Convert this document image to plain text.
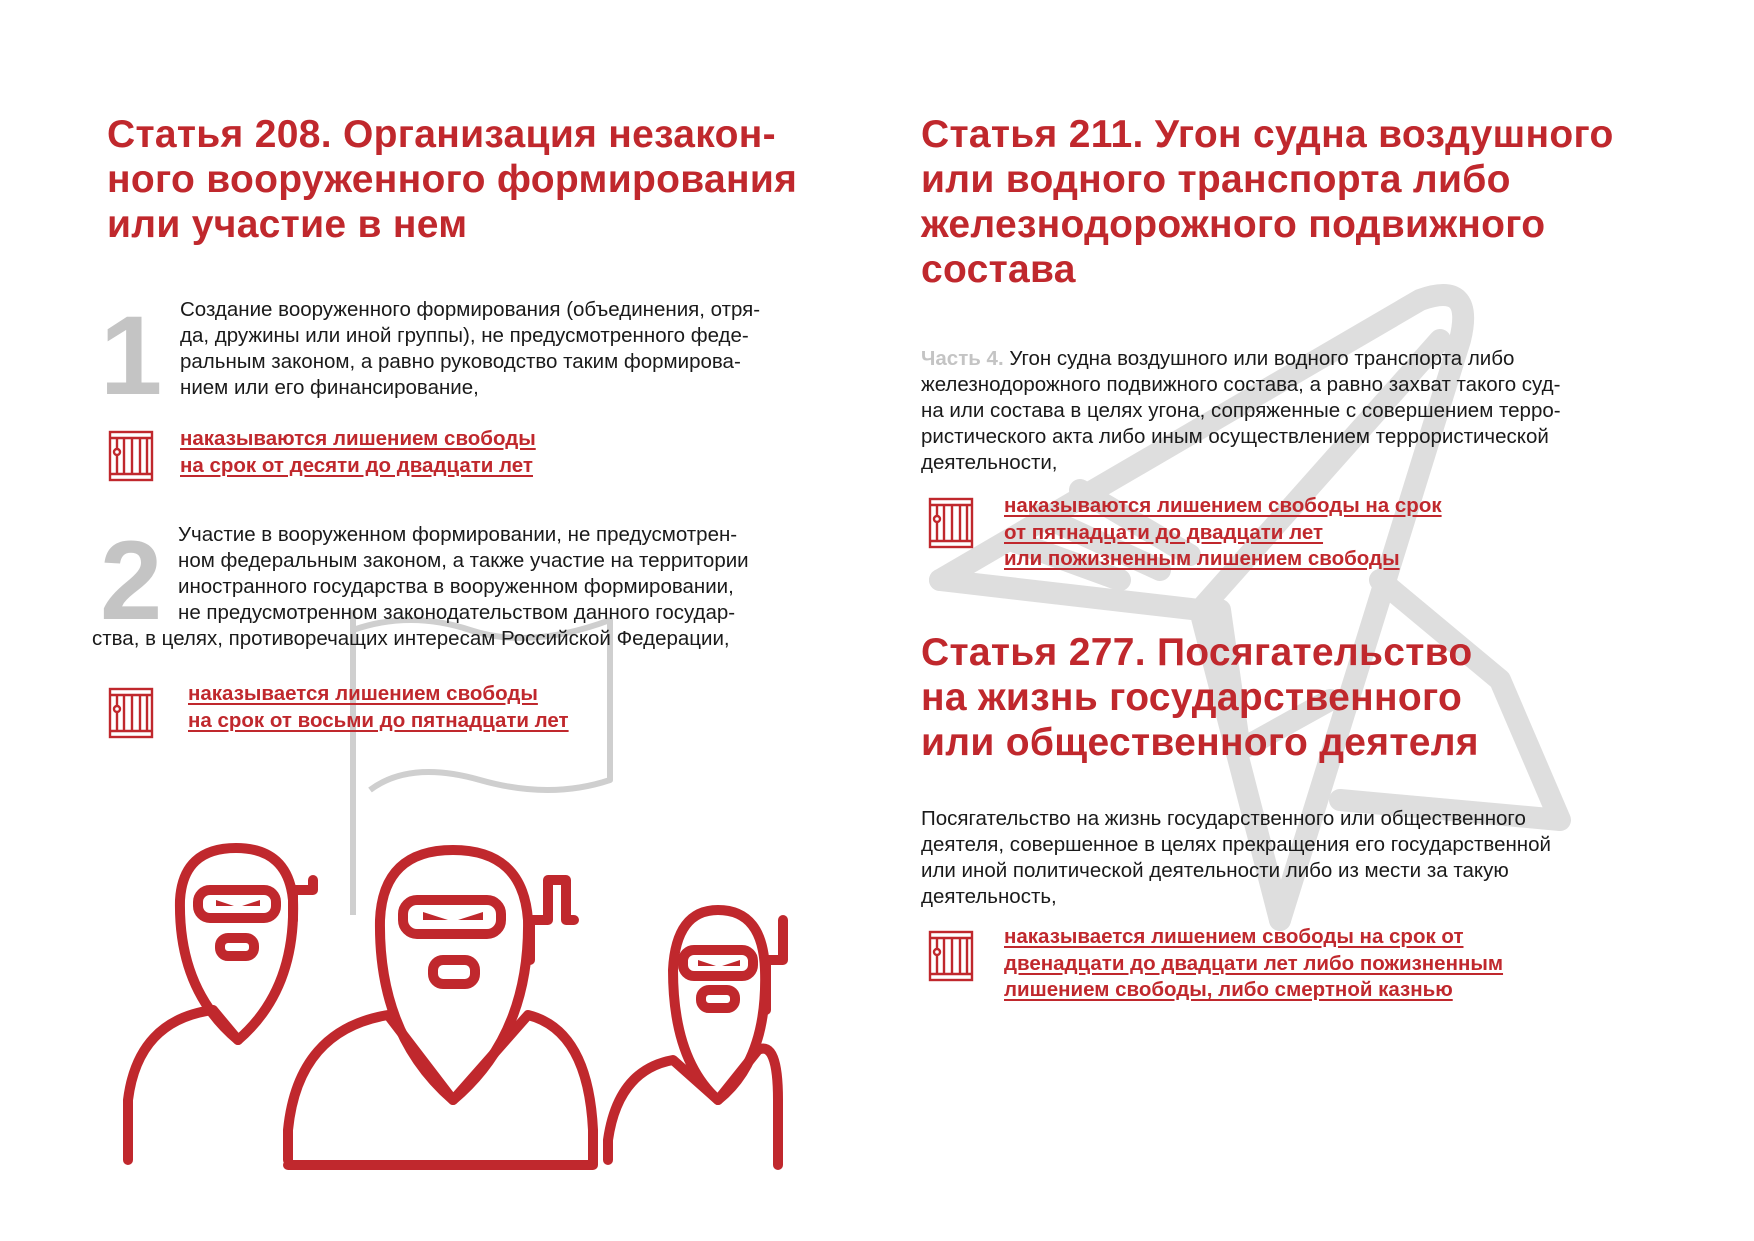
Статья 208. Организация незакон-
ного вооруженного формирования
или участие в нем
1 Создание вооруженного формирования (объединения, отря-
да, дружины или иной группы), не предусмотренного феде-
ральным законом, а равно руководство таким формирова-
нием или его финансирование,

наказываются лишением свободы
на срок от десяти до двадцати лет

2 Участие в вооруженном формировании, не предусмотрен-
ном федеральным законом, а также участие на территории
иностранного государства в вооруженном формировании,
не предусмотренном законодательством данного государ-

ства, в целях, противоречащих интересам Российской Федерации,

наказывается лишением свободы
на срок от восьми до пятнадцати лет

Статья 211. Угон судна воздушного
или водного транспорта либо
железнодорожного подвижного
состава

Часть 4. Угон судна воздушного или водного транспорта либо

железнодорожного подвижного состава, а равно захват такого суд-
на или состава в целях угона, сопряженные с совершением терро-
ристического акта либо иным осуществлением террористической
деятельности,

наказываются лишением свободы на срок
от пятнадцати до двадцати лет
или пожизненным лишением свободы

Статья 277. Посягательство
на жизнь государственного
или общественного деятеля

Посягательство на жизнь государственного или общественного
деятеля, совершенное в целях прекращения его государственной
или иной политической деятельности либо из мести за такую
деятельность,

наказывается лишением свободы на срок от
двенадцати до двадцати лет либо пожизненным
лишением свободы, либо смертной казнью
